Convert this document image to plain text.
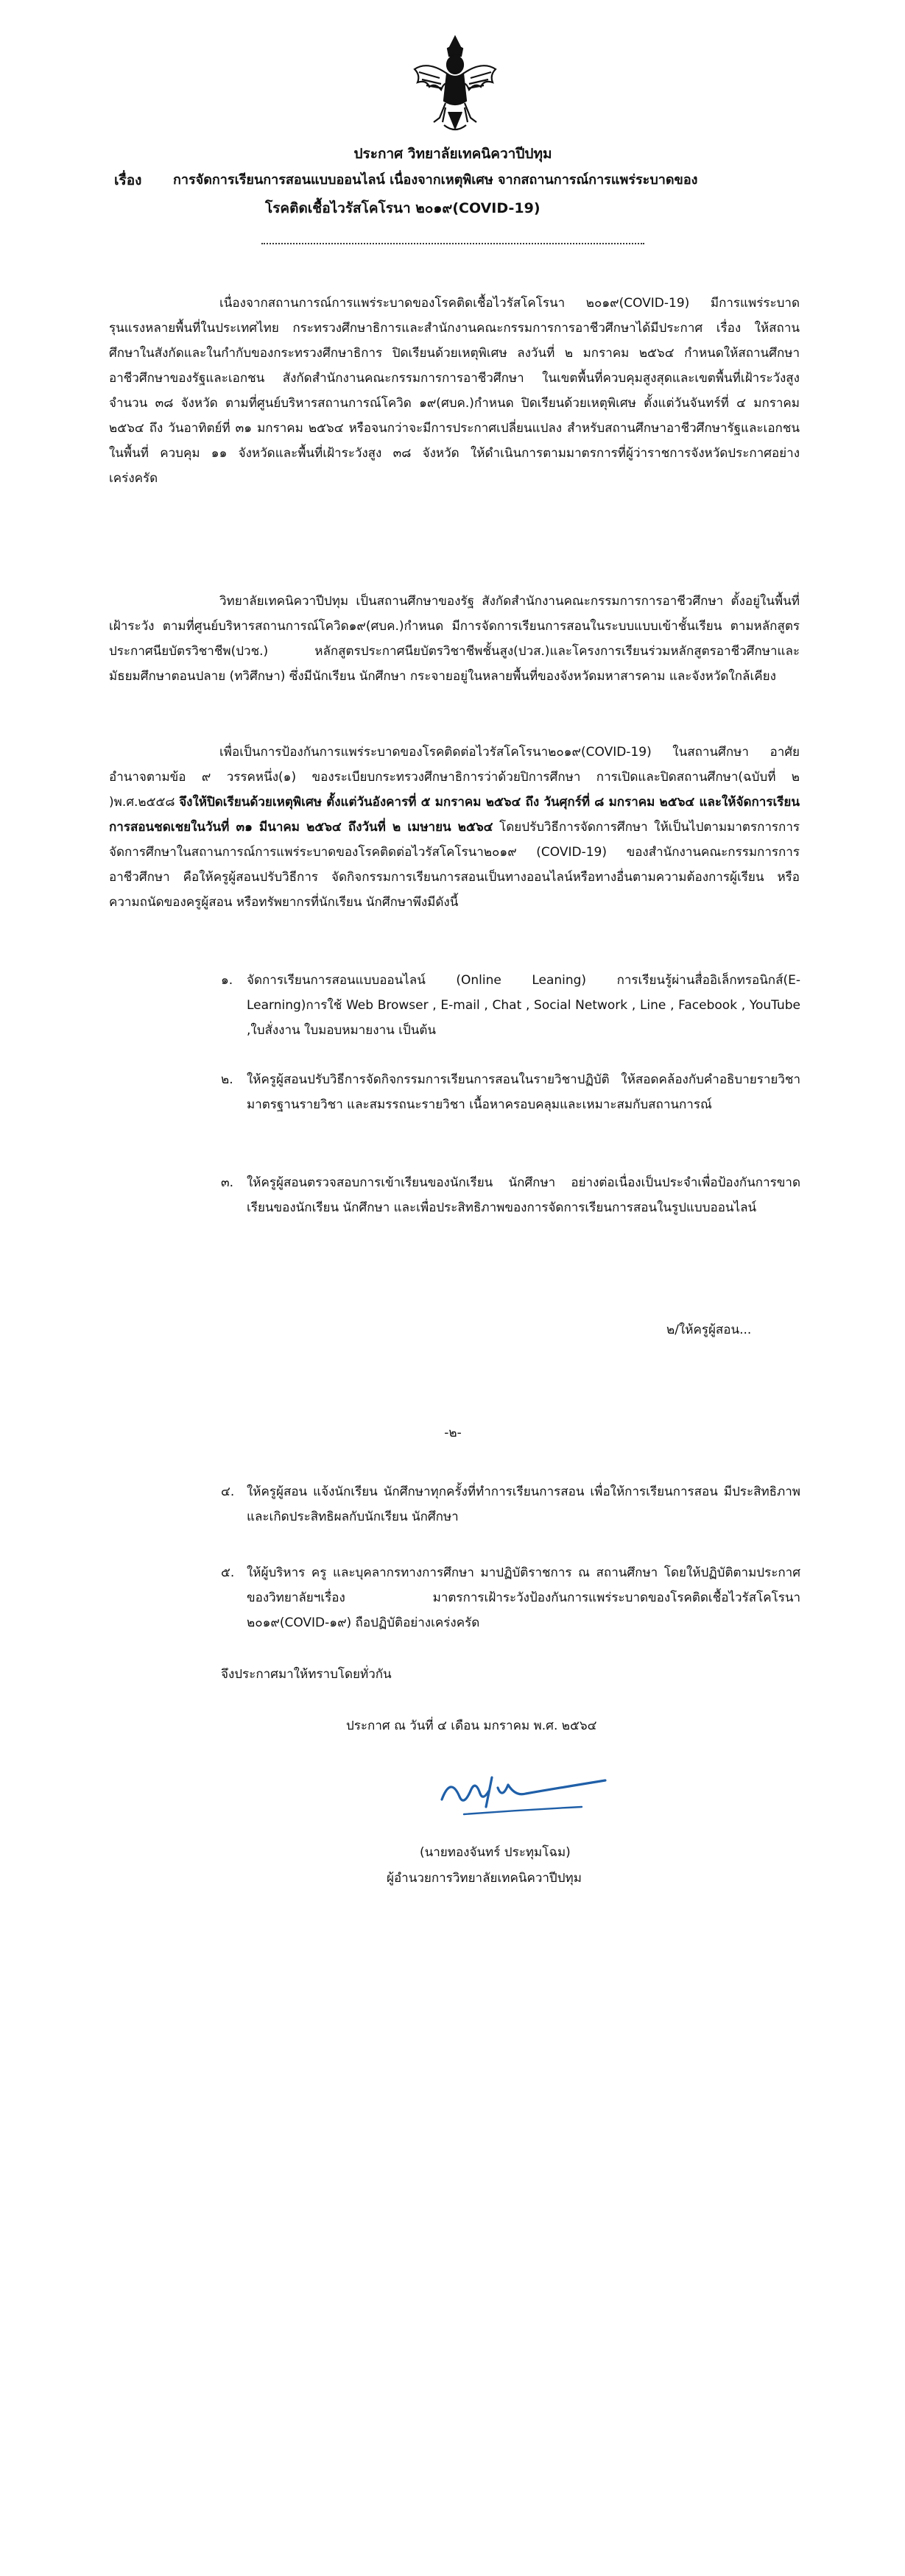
ประกาศ วิทยาลัยเทคนิควาปีปทุม

เรื่อง การจัดการเรียนการสอนแบบออนไลน์ เนื่องจากเหตุพิเศษ จากสถานการณ์การแพร่ระบาดของ

โรคติดเชื้อไวรัสโคโรนา ๒๐๑๙(COVID-19)

เนื่องจากสถานการณ์การแพร่ระบาดของโรคติดเชื้อไวรัสโคโรนา ๒๐๑๙(COVID-19) มีการแพร่ระบาดรุนแรงหลายพื้นที่ในประเทศไทย กระทรวงศึกษาธิการและสำนักงานคณะกรรมการการอาชีวศึกษาได้มีประกาศ เรื่อง ให้สถานศึกษาในสังกัดและในกำกับของกระทรวงศึกษาธิการ ปิดเรียนด้วยเหตุพิเศษ ลงวันที่ ๒ มกราคม ๒๕๖๔ กำหนดให้สถานศึกษาอาชีวศึกษาของรัฐและเอกชน สังกัดสำนักงานคณะกรรมการการอาชีวศึกษา ในเขตพื้นที่ควบคุมสูงสุดและเขตพื้นที่เฝ้าระวังสูง จำนวน ๓๘ จังหวัด ตามที่ศูนย์บริหารสถานการณ์โควิด ๑๙(ศบค.)กำหนด ปิดเรียนด้วยเหตุพิเศษ ตั้งแต่วันจันทร์ที่ ๔ มกราคม ๒๕๖๔ ถึง วันอาทิตย์ที่ ๓๑ มกราคม ๒๕๖๔ หรือจนกว่าจะมีการประกาศเปลี่ยนแปลง สำหรับสถานศึกษาอาชีวศึกษารัฐและเอกชน ในพื้นที่ ควบคุม ๑๑ จังหวัดและพื้นที่เฝ้าระวังสูง ๓๘ จังหวัด ให้ดำเนินการตามมาตรการที่ผู้ว่าราชการจังหวัดประกาศอย่างเคร่งครัด

วิทยาลัยเทคนิควาปีปทุม เป็นสถานศึกษาของรัฐ สังกัดสำนักงานคณะกรรมการการอาชีวศึกษา ตั้งอยู่ในพื้นที่เฝ้าระวัง ตามที่ศูนย์บริหารสถานการณ์โควิด๑๙(ศบค.)กำหนด มีการจัดการเรียนการสอนในระบบแบบเข้าชั้นเรียน ตามหลักสูตรประกาศนียบัตรวิชาชีพ(ปวช.) หลักสูตรประกาศนียบัตรวิชาชีพชั้นสูง(ปวส.)และโครงการเรียนร่วมหลักสูตรอาชีวศึกษาและมัธยมศึกษาตอนปลาย (ทวิศึกษา) ซึ่งมีนักเรียน นักศึกษา กระจายอยู่ในหลายพื้นที่ของจังหวัดมหาสารคาม และจังหวัดใกล้เคียง

เพื่อเป็นการป้องกันการแพร่ระบาดของโรคติดต่อไวรัสโคโรนา๒๐๑๙(COVID-19) ในสถานศึกษา อาศัยอำนาจตามข้อ ๙ วรรคหนึ่ง(๑) ของระเบียบกระทรวงศึกษาธิการว่าด้วยปิการศึกษา การเปิดและปิดสถานศึกษา(ฉบับที่ ๒ )พ.ศ.๒๕๕๘ จึงให้ปิดเรียนด้วยเหตุพิเศษ ตั้งแต่วันอังคารที่ ๕ มกราคม ๒๕๖๔ ถึง วันศุกร์ที่ ๘ มกราคม ๒๕๖๔ และให้จัดการเรียน การสอนชดเชยในวันที่ ๓๑ มีนาคม ๒๕๖๔ ถึงวันที่ ๒ เมษายน ๒๕๖๔ โดยปรับวิธีการจัดการศึกษา ให้เป็นไปตามมาตรการการจัดการศึกษาในสถานการณ์การแพร่ระบาดของโรคติดต่อไวรัสโคโรนา๒๐๑๙ (COVID-19) ของสำนักงานคณะกรรมการการอาชีวศึกษา คือให้ครูผู้สอนปรับวิธีการ จัดกิจกรรมการเรียนการสอนเป็นทางออนไลน์หรือทางอื่นตามความต้องการผู้เรียน หรือความถนัดของครูผู้สอน หรือทรัพยากรที่นักเรียน นักศึกษาพึงมีดังนี้

๑. จัดการเรียนการสอนแบบออนไลน์ (Online Leaning) การเรียนรู้ผ่านสื่ออิเล็กทรอนิกส์(E-Learning)การใช้ Web Browser , E-mail , Chat , Social Network , Line , Facebook , YouTube ,ใบสั่งงาน ใบมอบหมายงาน เป็นต้น

๒. ให้ครูผู้สอนปรับวิธีการจัดกิจกรรมการเรียนการสอนในรายวิชาปฏิบัติ ให้สอดคล้องกับคำอธิบายรายวิชา มาตรฐานรายวิชา และสมรรถนะรายวิชา เนื้อหาครอบคลุมและเหมาะสมกับสถานการณ์

๓. ให้ครูผู้สอนตรวจสอบการเข้าเรียนของนักเรียน นักศึกษา อย่างต่อเนื่องเป็นประจำเพื่อป้องกันการขาดเรียนของนักเรียน นักศึกษา และเพื่อประสิทธิภาพของการจัดการเรียนการสอนในรูปแบบออนไลน์

๒/ให้ครูผู้สอน...

-๒-

๔. ให้ครูผู้สอน แจ้งนักเรียน นักศึกษาทุกครั้งที่ทำการเรียนการสอน เพื่อให้การเรียนการสอน มีประสิทธิภาพและเกิดประสิทธิผลกับนักเรียน นักศึกษา

๕. ให้ผู้บริหาร ครู และบุคลากรทางการศึกษา มาปฏิบัติราชการ ณ สถานศึกษา โดยให้ปฏิบัติตามประกาศของวิทยาลัยฯเรื่อง มาตรการเฝ้าระวังป้องกันการแพร่ระบาดของโรคติดเชื้อไวรัสโคโรนา ๒๐๑๙(COVID-๑๙) ถือปฏิบัติอย่างเคร่งครัด

จึงประกาศมาให้ทราบโดยทั่วกัน

ประกาศ ณ วันที่ ๔ เดือน มกราคม พ.ศ. ๒๕๖๔

(นายทองจันทร์ ประทุมโฉม)

ผู้อำนวยการวิทยาลัยเทคนิควาปีปทุม
